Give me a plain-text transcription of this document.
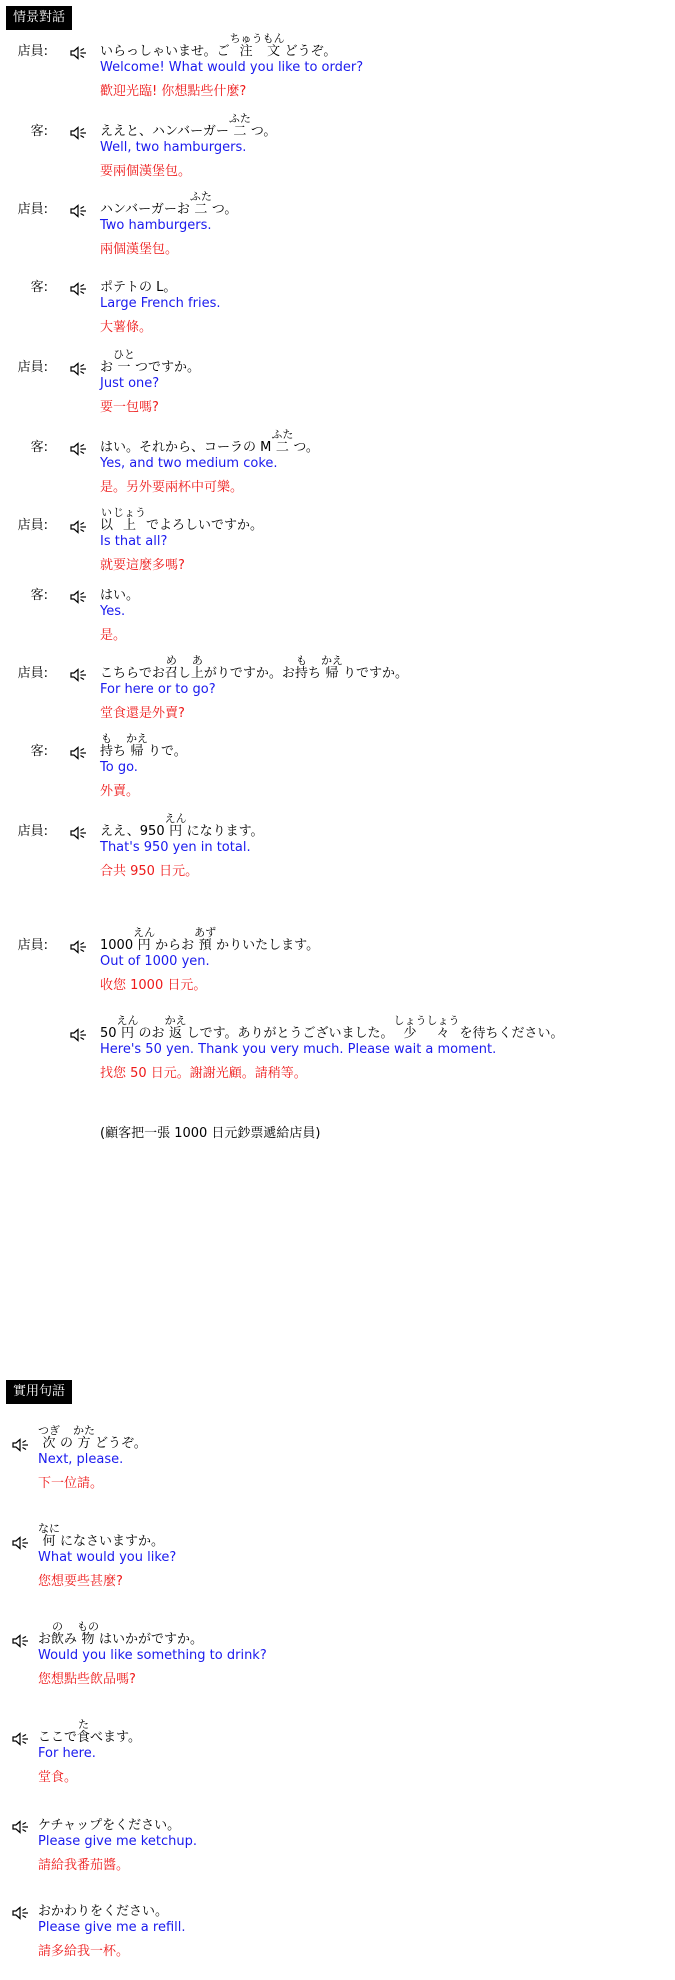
情景對話
店員:	いらっしゃいませ。ご 注ちゅう
文もん
どうぞ。
Welcome! What would you like to order?
歡迎光臨! 你想點些什麼?
客:	ええと、ハンバーガー 二ふた
つ。
Well, two hamburgers.
要兩個漢堡包。
店員:	ハンバーガーお 二ふた
つ。
Two hamburgers.
兩個漢堡包。
客:	ポテトの L。
Large French fries.
大薯條。
店員:	お 一ひと
つですか。
Just one?
要一包嗎?
客:	はい。それから、コーラの M 二ふた
つ。
Yes, and two medium coke.
是。另外要兩杯中可樂。
店員:	以い
上じょう
でよろしいですか。
Is that all?
就要這麼多嗎?
客:	はい。
Yes.
是。
店員:	こちらでお 召め
し 上あ
がりですか。お 持も
ち 帰かえ
りですか。
For here or to go?
堂食還是外賣?
客:	持も
ち 帰かえ
りで。
To go.
外賣。
店員:	ええ、950 円えん
になります。
That's 950 yen in total.
合共 950 日元。
店員:	1000 円えん
からお 預あず
かりいたします。
Out of 1000 yen.
收您 1000 日元。
50 円えん
のお 返かえ
しです。ありがとうございました。 少しょう
々しょう
を待ちください。
Here's 50 yen. Thank you very much. Please wait a moment.
找您 50 日元。謝謝光顧。請稍等。
(顧客把一張 1000 日元鈔票遞給店員)
實用句語
次つぎ
の 方かた
どうぞ。
Next, please.
下一位請。
何なに
になさいますか。
What would you like?
您想要些甚麼?
お 飲の
み 物もの
はいかがですか。
Would you like something to drink?
您想點些飲品嗎?
ここで 食た
べます。
For here.
堂食。
ケチャップをください。
Please give me ketchup.
請給我番茄醬。
おかわりをください。
Please give me a refill.
請多給我一杯。
